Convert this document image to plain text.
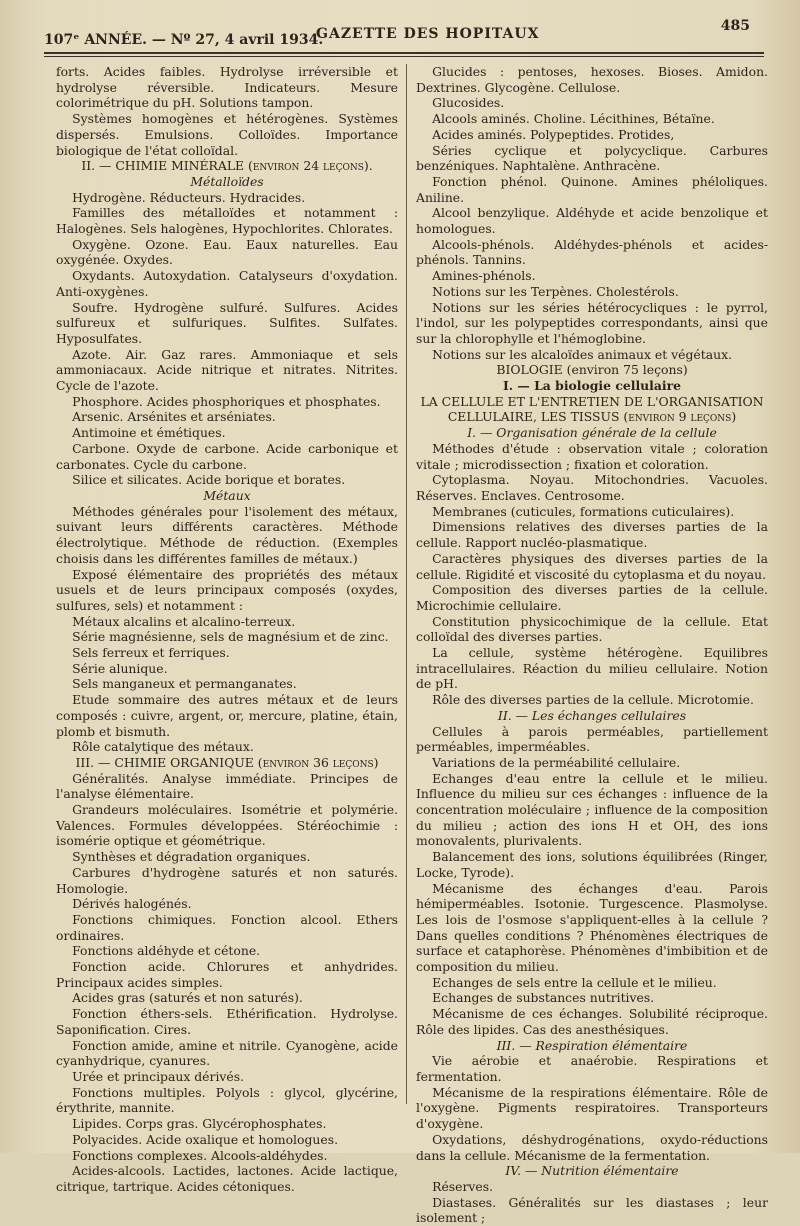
107ᵉ ANNÉE. — Nº 27, 4 avril 1934.
GAZETTE DES HOPITAUX	485

forts. Acides faibles. Hydrolyse irréversible et hydrolyse réversible. Indicateurs. Mesure colorimétrique du pH. Solutions tampon.

Systèmes homogènes et hétérogènes. Systèmes dispersés. Emulsions. Colloïdes. Importance biologique de l'état colloïdal.

II. — CHIMIE MINÉRALE (environ 24 leçons).

Métalloïdes

Hydrogène. Réducteurs. Hydracides.

Familles des métalloïdes et notamment : Halogènes. Sels halogènes, Hypochlorites. Chlorates.

Oxygène. Ozone. Eau. Eaux naturelles. Eau oxygénée. Oxydes.

Oxydants. Autoxydation. Catalyseurs d'oxydation. Anti-oxygènes.

Soufre. Hydrogène sulfuré. Sulfures. Acides sulfureux et sulfuriques. Sulfites. Sulfates. Hyposulfates.

Azote. Air. Gaz rares. Ammoniaque et sels ammoniacaux. Acide nitrique et nitrates. Nitrites. Cycle de l'azote.

Phosphore. Acides phosphoriques et phosphates.

Arsenic. Arsénites et arséniates.

Antimoine et émétiques.

Carbone. Oxyde de carbone. Acide carbonique et carbonates. Cycle du carbone.

Silice et silicates. Acide borique et borates.

Métaux

Méthodes générales pour l'isolement des métaux, suivant leurs différents caractères. Méthode électrolytique. Méthode de réduction. (Exemples choisis dans les différentes familles de métaux.)

Exposé élémentaire des propriétés des métaux usuels et de leurs principaux composés (oxydes, sulfures, sels) et notamment :

Métaux alcalins et alcalino-terreux.

Série magnésienne, sels de magnésium et de zinc.

Sels ferreux et ferriques.

Série alunique.

Sels manganeux et permanganates.

Etude sommaire des autres métaux et de leurs composés : cuivre, argent, or, mercure, platine, étain, plomb et bismuth.

Rôle catalytique des métaux.

III. — CHIMIE ORGANIQUE (environ 36 leçons)

Généralités. Analyse immédiate. Principes de l'analyse élémentaire.

Grandeurs moléculaires. Isométrie et polymérie. Valences. Formules développées. Stéréochimie : isomérie optique et géométrique.

Synthèses et dégradation organiques.

Carbures d'hydrogène saturés et non saturés. Homologie.

Dérivés halogénés.

Fonctions chimiques. Fonction alcool. Ethers ordinaires.

Fonctions aldéhyde et cétone.

Fonction acide. Chlorures et anhydrides. Principaux acides simples.

Acides gras (saturés et non saturés).

Fonction éthers-sels. Ethérification. Hydrolyse. Saponification. Cires.

Fonction amide, amine et nitrile. Cyanogène, acide cyanhydrique, cyanures.

Urée et principaux dérivés.

Fonctions multiples. Polyols : glycol, glycérine, érythrite, mannite.

Lipides. Corps gras. Glycérophosphates.

Polyacides. Acide oxalique et homologues.

Fonctions complexes. Alcools-aldéhydes.

Acides-alcools. Lactides, lactones. Acide lactique, citrique, tartrique. Acides cétoniques.

Glucides : pentoses, hexoses. Bioses. Amidon. Dextrines. Glycogène. Cellulose.

Glucosides.

Alcools aminés. Choline. Lécithines, Bétaïne.

Acides aminés. Polypeptides. Protides,

Séries cyclique et polycyclique. Carbures benzéniques. Naphtalène. Anthracène.

Fonction phénol. Quinone. Amines phéloliques. Aniline.

Alcool benzylique. Aldéhyde et acide benzolique et homologues.

Alcools-phénols. Aldéhydes-phénols et acides-phénols. Tannins.

Amines-phénols.

Notions sur les Terpènes. Cholestérols.

Notions sur les séries hétérocycliques : le pyrrol, l'indol, sur les polypeptides correspondants, ainsi que sur la chlorophylle et l'hémoglobine.

Notions sur les alcaloïdes animaux et végétaux.

BIOLOGIE (environ 75 leçons)

I. — La biologie cellulaire

LA CELLULE ET L'ENTRETIEN DE L'ORGANISATION CELLULAIRE, LES TISSUS (environ 9 leçons)

I. — Organisation générale de la cellule

Méthodes d'étude : observation vitale ; coloration vitale ; microdissection ; fixation et coloration.

Cytoplasma. Noyau. Mitochondries. Vacuoles. Réserves. Enclaves. Centrosome.

Membranes (cuticules, formations cuticulaires).

Dimensions relatives des diverses parties de la cellule. Rapport nucléo-plasmatique.

Caractères physiques des diverses parties de la cellule. Rigidité et viscosité du cytoplasma et du noyau.

Composition des diverses parties de la cellule. Microchimie cellulaire.

Constitution physicochimique de la cellule. Etat colloïdal des diverses parties.

La cellule, système hétérogène. Equilibres intracellulaires. Réaction du milieu cellulaire. Notion de pH.

Rôle des diverses parties de la cellule. Microtomie.

II. — Les échanges cellulaires

Cellules à parois perméables, partiellement perméables, imperméables.

Variations de la perméabilité cellulaire.

Echanges d'eau entre la cellule et le milieu. Influence du milieu sur ces échanges : influence de la concentration moléculaire ; influence de la composition du milieu ; action des ions H et OH, des ions monovalents, plurivalents.

Balancement des ions, solutions équilibrées (Ringer, Locke, Tyrode).

Mécanisme des échanges d'eau. Parois hémiperméables. Isotonie. Turgescence. Plasmolyse. Les lois de l'osmose s'appliquent-elles à la cellule ? Dans quelles conditions ? Phénomènes électriques de surface et cataphorèse. Phénomènes d'imbibition et de composition du milieu.

Echanges de sels entre la cellule et le milieu.

Echanges de substances nutritives.

Mécanisme de ces échanges. Solubilité réciproque. Rôle des lipides. Cas des anesthésiques.

III. — Respiration élémentaire

Vie aérobie et anaérobie. Respirations et fermentation.

Mécanisme de la respirations élémentaire. Rôle de l'oxygène. Pigments respiratoires. Transporteurs d'oxygène.

Oxydations, déshydrogénations, oxydo-réductions dans la cellule. Mécanisme de la fermentation.

IV. — Nutrition élémentaire

Réserves.

Diastases. Généralités sur les diastases ; leur isolement ;
